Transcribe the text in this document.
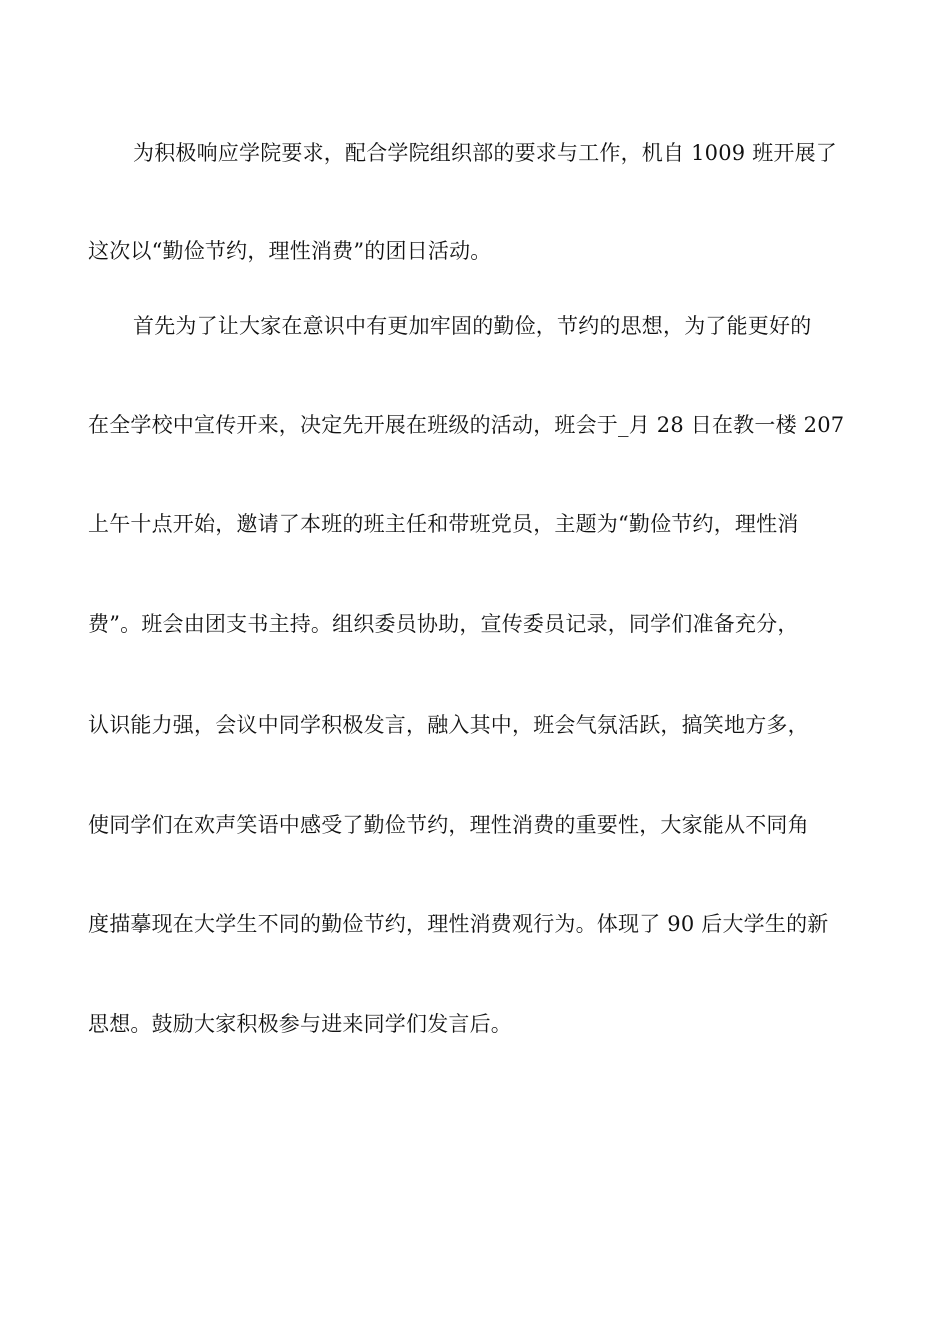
为积极响应学院要求，配合学院组织部的要求与工作，机自 1009 班开展了
这次以“勤俭节约，理性消费”的团日活动。
首先为了让大家在意识中有更加牢固的勤俭，节约的思想，为了能更好的
在全学校中宣传开来，决定先开展在班级的活动，班会于_月 28 日在教一楼 207
上午十点开始，邀请了本班的班主任和带班党员，主题为“勤俭节约，理性消
费”。班会由团支书主持。组织委员协助，宣传委员记录，同学们准备充分，
认识能力强，会议中同学积极发言，融入其中，班会气氛活跃，搞笑地方多，
使同学们在欢声笑语中感受了勤俭节约，理性消费的重要性，大家能从不同角
度描摹现在大学生不同的勤俭节约，理性消费观行为。体现了 90 后大学生的新
思想。鼓励大家积极参与进来同学们发言后。
